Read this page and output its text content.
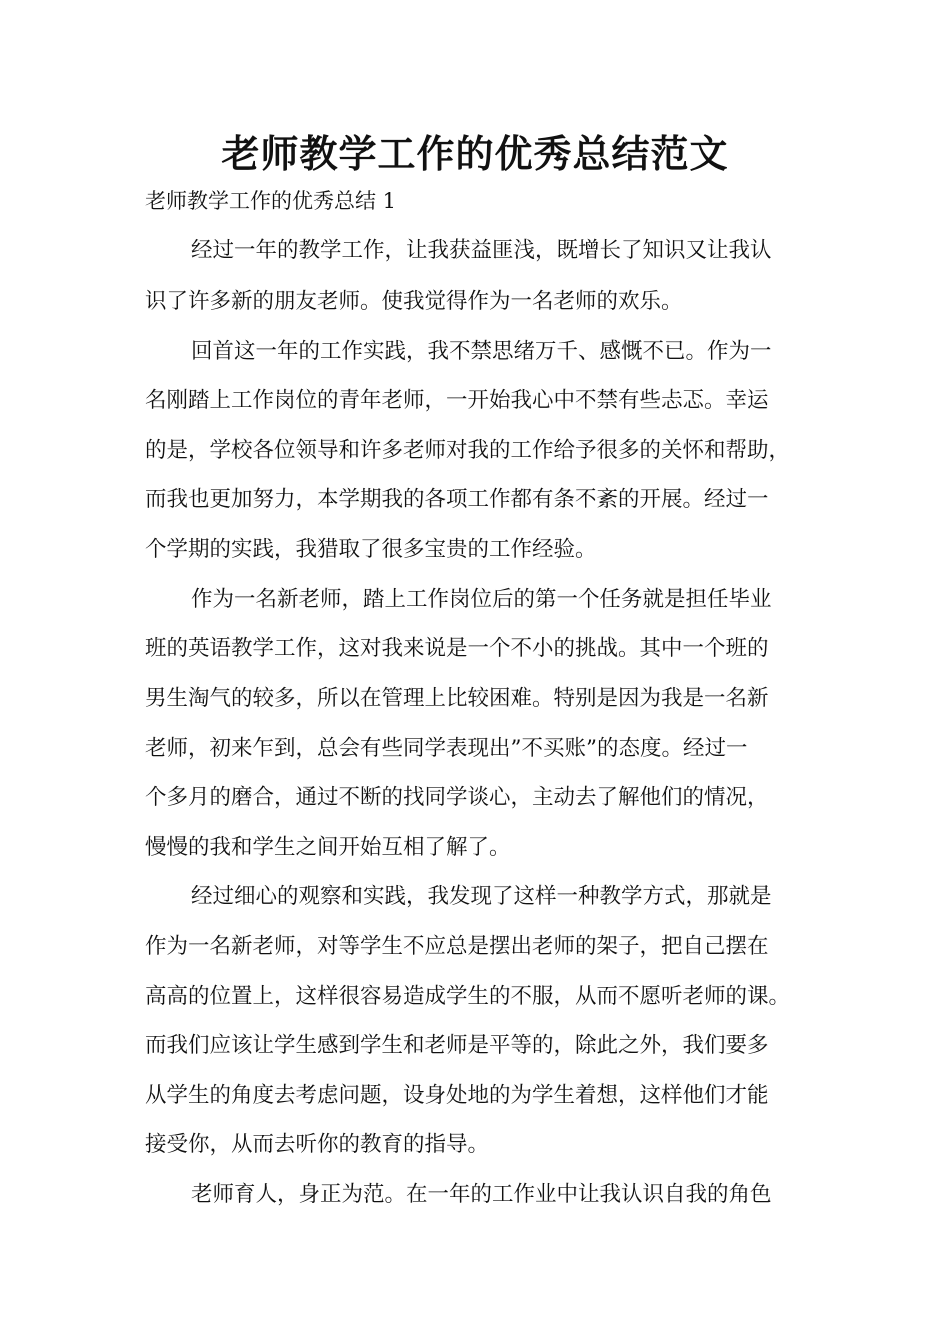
老师教学工作的优秀总结范文
老师教学工作的优秀总结 1
经过一年的教学工作，让我获益匪浅，既增长了知识又让我认
识了许多新的朋友老师。使我觉得作为一名老师的欢乐。
回首这一年的工作实践，我不禁思绪万千、感慨不已。作为一
名刚踏上工作岗位的青年老师，一开始我心中不禁有些忐忑。幸运
的是，学校各位领导和许多老师对我的工作给予很多的关怀和帮助，
而我也更加努力，本学期我的各项工作都有条不紊的开展。经过一
个学期的实践，我猎取了很多宝贵的工作经验。
作为一名新老师，踏上工作岗位后的第一个任务就是担任毕业
班的英语教学工作，这对我来说是一个不小的挑战。其中一个班的
男生淘气的较多，所以在管理上比较困难。特别是因为我是一名新
老师，初来乍到，总会有些同学表现出”不买账”的态度。经过一
个多月的磨合，通过不断的找同学谈心，主动去了解他们的情况，
慢慢的我和学生之间开始互相了解了。
经过细心的观察和实践，我发现了这样一种教学方式，那就是
作为一名新老师，对等学生不应总是摆出老师的架子，把自己摆在
高高的位置上，这样很容易造成学生的不服，从而不愿听老师的课。
而我们应该让学生感到学生和老师是平等的，除此之外，我们要多
从学生的角度去考虑问题，设身处地的为学生着想，这样他们才能
接受你，从而去听你的教育的指导。
老师育人，身正为范。在一年的工作业中让我认识自我的角色
